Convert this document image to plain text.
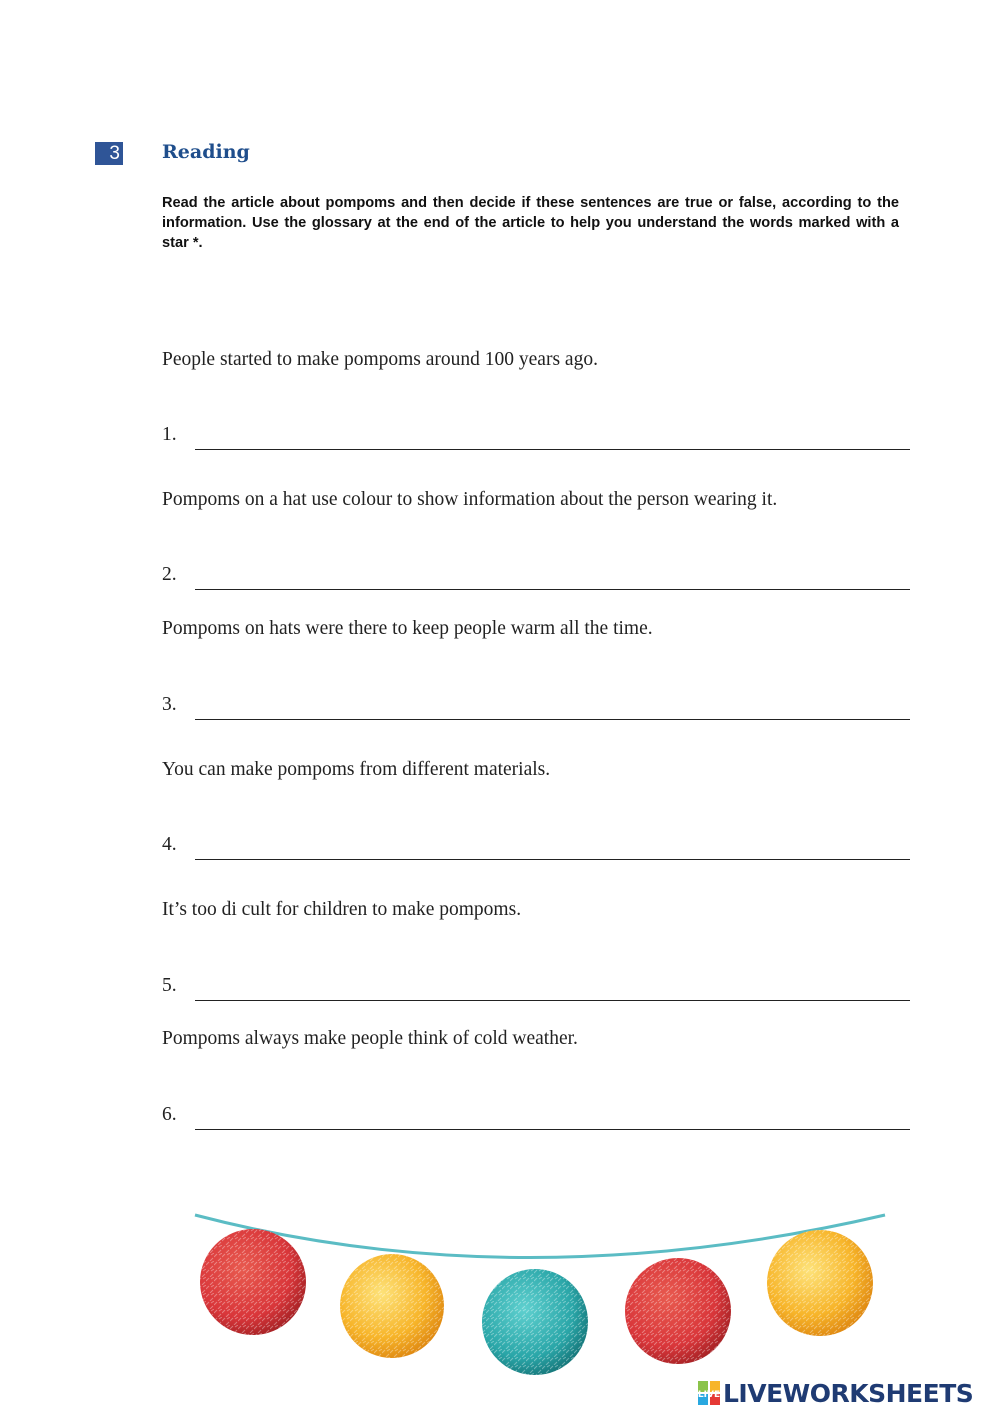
3 Reading
Read the article about pompoms and then decide if these sentences are true or false, according to the information. Use the glossary at the end of the article to help you understand the words marked with a star *.
People started to make pompoms around 100 years ago.
1.
Pompoms on a hat use colour to show information about the person wearing it.
2.
Pompoms on hats were there to keep people warm all the time.
3.
You can make pompoms from different materials.
4.
It’s too di cult for children to make pompoms.
5.
Pompoms always make people think of cold weather.
6.
LIVE LIVEWORKSHEETS
